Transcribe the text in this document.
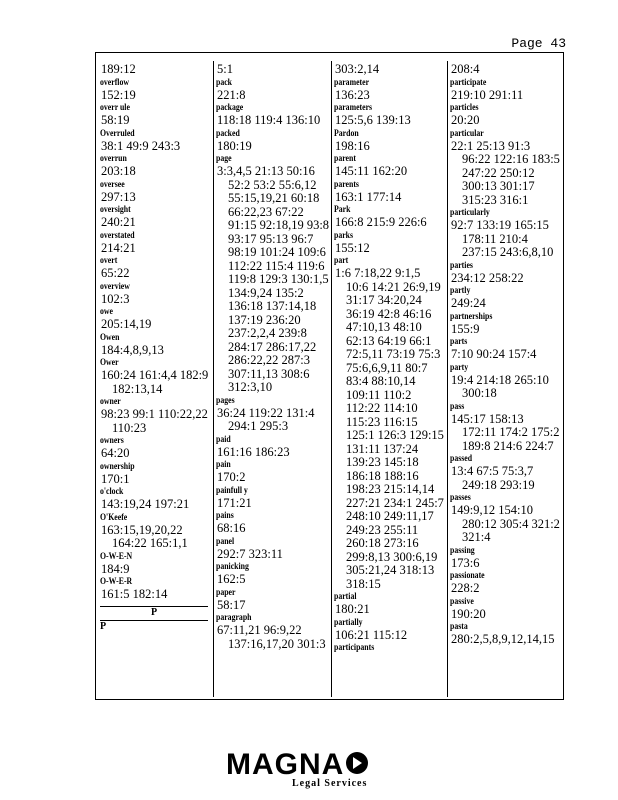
Page 43
189:12
overflow
152:19
overr ule
58:19
Overruled
38:1 49:9 243:3
overrun
203:18
oversee
297:13
oversight
240:21
overstated
214:21
overt
65:22
overview
102:3
owe
205:14,19
Owen
184:4,8,9,13
Ower
160:24 161:4,4 182:9
182:13,14
owner
98:23 99:1 110:22,22
110:23
owners
64:20
ownership
170:1
o'clock
143:19,24 197:21
O'Keefe
163:15,19,20,22
164:22 165:1,1
O-W-E-N
184:9
O-W-E-R
161:5 182:14
P
P
5:1
pack
221:8
package
118:18 119:4 136:10
packed
180:19
page
3:3,4,5 21:13 50:16
52:2 53:2 55:6,12
55:15,19,21 60:18
66:22,23 67:22
91:15 92:18,19 93:8
93:17 95:13 96:7
98:19 101:24 109:6
112:22 115:4 119:6
119:8 129:3 130:1,5
134:9,24 135:2
136:18 137:14,18
137:19 236:20
237:2,2,4 239:8
284:17 286:17,22
286:22,22 287:3
307:11,13 308:6
312:3,10
pages
36:24 119:22 131:4
294:1 295:3
paid
161:16 186:23
pain
170:2
painfull y
171:21
pains
68:16
panel
292:7 323:11
panicking
162:5
paper
58:17
paragraph
67:11,21 96:9,22
137:16,17,20 301:3
303:2,14
parameter
136:23
parameters
125:5,6 139:13
Pardon
198:16
parent
145:11 162:20
parents
163:1 177:14
Park
166:8 215:9 226:6
parks
155:12
part
1:6 7:18,22 9:1,5
10:6 14:21 26:9,19
31:17 34:20,24
36:19 42:8 46:16
47:10,13 48:10
62:13 64:19 66:1
72:5,11 73:19 75:3
75:6,6,9,11 80:7
83:4 88:10,14
109:11 110:2
112:22 114:10
115:23 116:15
125:1 126:3 129:15
131:11 137:24
139:23 145:18
186:18 188:16
198:23 215:14,14
227:21 234:1 245:7
248:10 249:11,17
249:23 255:11
260:18 273:16
299:8,13 300:6,19
305:21,24 318:13
318:15
partial
180:21
partially
106:21 115:12
participants
208:4
participate
219:10 291:11
particles
20:20
particular
22:1 25:13 91:3
96:22 122:16 183:5
247:22 250:12
300:13 301:17
315:23 316:1
particularly
92:7 133:19 165:15
178:11 210:4
237:15 243:6,8,10
parties
234:12 258:22
partly
249:24
partnerships
155:9
parts
7:10 90:24 157:4
party
19:4 214:18 265:10
300:18
pass
145:17 158:13
172:11 174:2 175:2
189:8 214:6 224:7
passed
13:4 67:5 75:3,7
249:18 293:19
passes
149:9,12 154:10
280:12 305:4 321:2
321:4
passing
173:6
passionate
228:2
passive
190:20
pasta
280:2,5,8,9,12,14,15
MAGNA
Legal Services
